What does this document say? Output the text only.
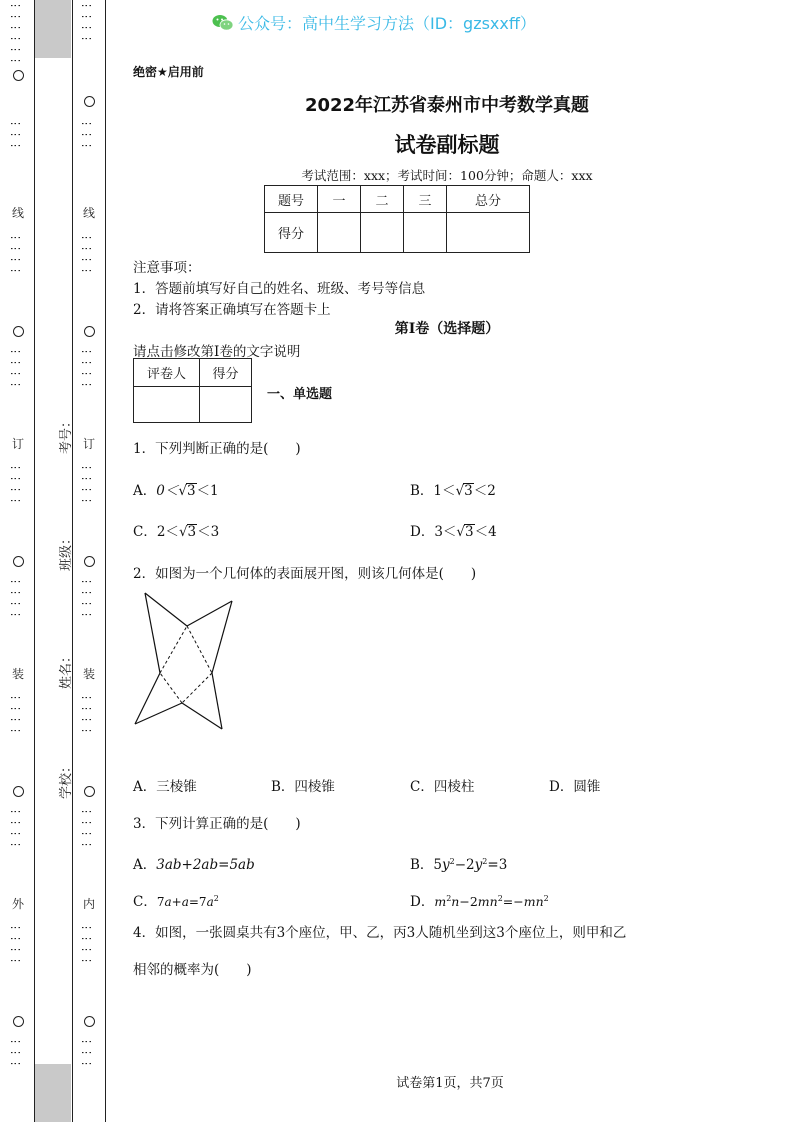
⋮⋮⋮⋮⋮⋮
⋮⋮⋮
线
⋮⋮⋮⋮
⋮⋮⋮⋮
订
⋮⋮⋮⋮
⋮⋮⋮⋮
装
⋮⋮⋮⋮
⋮⋮⋮⋮
外
⋮⋮⋮⋮
⋮⋮⋮
⋮⋮⋮⋮
⋮⋮⋮
线
⋮⋮⋮⋮
⋮⋮⋮⋮
订
⋮⋮⋮⋮
⋮⋮⋮⋮
装
⋮⋮⋮⋮
⋮⋮⋮⋮
内
⋮⋮⋮⋮
⋮⋮⋮
考号：
班级：
姓名：
学校：
公众号：高中生学习方法（ID：gzsxxff）
绝密★启用前
2022年江苏省泰州市中考数学真题
试卷副标题
考试范围：xxx；考试时间：100分钟；命题人：xxx
题号	一	二	三	总分
得分				
注意事项：
1．答题前填写好自己的姓名、班级、考号等信息
2．请将答案正确填写在答题卡上
第I卷（选择题）
请点击修改第I卷的文字说明
评卷人	得分

一、单选题
1．下列判断正确的是(　　)
A．0＜√3＜1	B．1＜√3＜2
C．2＜√3＜3	D．3＜√3＜4
2．如图为一个几何体的表面展开图，则该几何体是(　　)
A．三棱锥	B．四棱锥	C．四棱柱	D．圆锥
3．下列计算正确的是(　　)
A．3ab+2ab=5ab	B．$5y^2-2y^2=3$
C．$7a+a=7a^2$	D．$m^2n-2mn^2=-mn^2$
4．如图，一张圆桌共有3个座位，甲、乙，丙3人随机坐到这3个座位上，则甲和乙
相邻的概率为(　　)
试卷第1页，共7页
